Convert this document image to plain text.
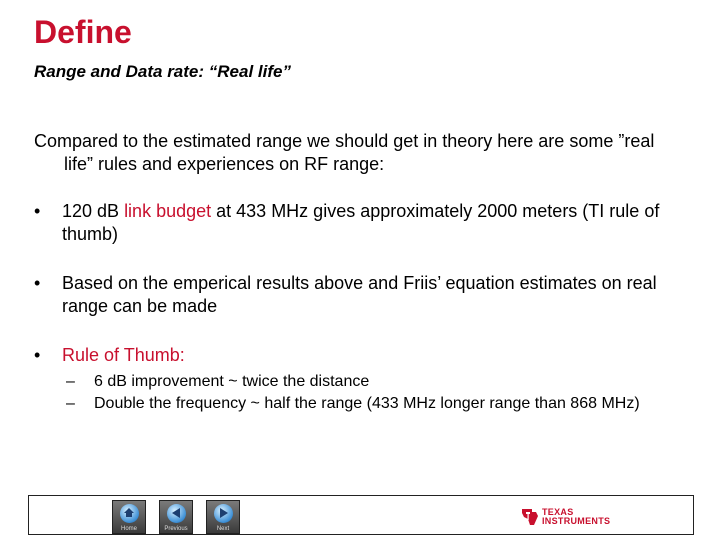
Define
Range and Data rate: “Real life”

Compared to the estimated range we should get in theory here are some ”real life” rules and experiences on RF range:

• 120 dB link budget at 433 MHz gives approximately 2000 meters (TI rule of thumb)

• Based on the emperical results above and Friis’ equation estimates on real range can be made

• Rule of Thumb:

– 6 dB improvement ~ twice the distance

– Double the frequency ~ half the range (433 MHz longer range than 868 MHz)

Home	Previous	Next
TEXAS
INSTRUMENTS
